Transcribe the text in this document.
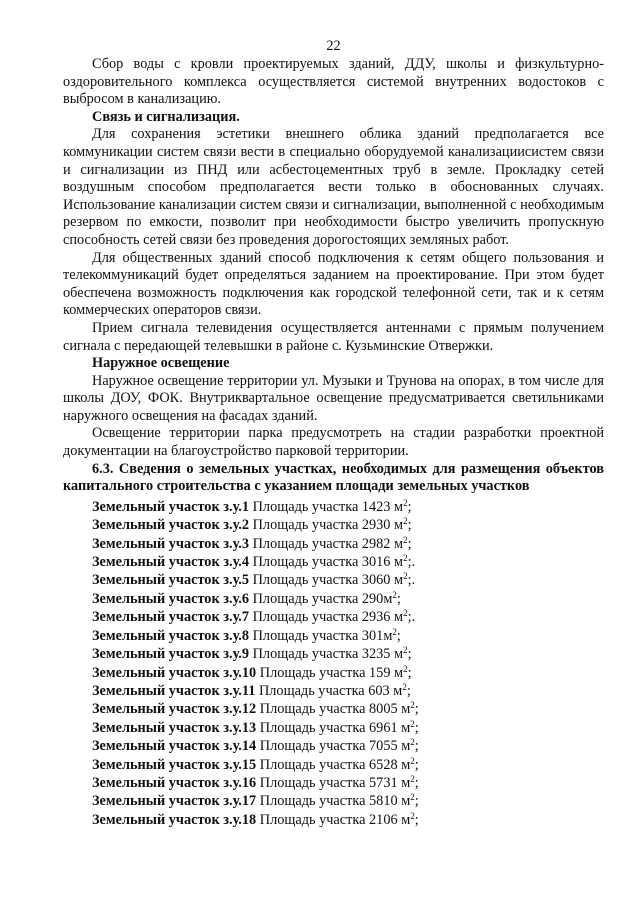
22

Сбор воды с кровли проектируемых зданий, ДДУ, школы и физкультурно-оздоровительного комплекса осуществляется системой внутренних водостоков с выбросом в канализацию.

Связь и сигнализация.

Для сохранения эстетики внешнего облика зданий предполагается все коммуникации систем связи вести в специально оборудуемой канализациисистем связи и сигнализации из ПНД или асбестоцементных труб в земле. Прокладку сетей воздушным способом предполагается вести только в обоснованных случаях. Использование канализации систем связи и сигнализации, выполненной с необходимым резервом по емкости, позволит при необходимости быстро увеличить пропускную способность сетей связи без проведения дорогостоящих земляных работ.

Для общественных зданий способ подключения к сетям общего пользования и телекоммуникаций будет определяться заданием на проектирование. При этом будет обеспечена возможность подключения как городской телефонной сети, так и к сетям коммерческих операторов связи.

Прием сигнала телевидения осуществляется антеннами с прямым получением сигнала с передающей телевышки в районе с. Кузьминские Отвержки.

Наружное освещение

Наружное освещение территории ул. Музыки и Трунова на опорах, в том числе для школы ДОУ, ФОК. Внутриквартальное освещение предусматривается светильниками наружного освещения на фасадах зданий.

Освещение территории парка предусмотреть на стадии разработки проектной документации на благоустройство парковой территории.

6.3. Сведения о земельных участках, необходимых для размещения объектов капитального строительства с указанием площади земельных участков

Земельный участок з.у.1 Площадь участка 1423 $м^2$;
Земельный участок з.у.2 Площадь участка 2930 $м^2$;
Земельный участок з.у.3 Площадь участка 2982 $м^2$;
Земельный участок з.у.4 Площадь участка 3016 $м^2$;.
Земельный участок з.у.5 Площадь участка 3060 $м^2$;.
Земельный участок з.у.6 Площадь участка $290м^2$;
Земельный участок з.у.7 Площадь участка 2936 $м^2$;.
Земельный участок з.у.8 Площадь участка $301м^2$;
Земельный участок з.у.9 Площадь участка 3235 $м^2$;
Земельный участок з.у.10 Площадь участка 159 $м^2$;
Земельный участок з.у.11 Площадь участка 603 $м^2$;
Земельный участок з.у.12 Площадь участка 8005 $м^2$;
Земельный участок з.у.13 Площадь участка 6961 $м^2$;
Земельный участок з.у.14 Площадь участка 7055 $м^2$;
Земельный участок з.у.15 Площадь участка 6528 $м^2$;
Земельный участок з.у.16 Площадь участка 5731 $м^2$;
Земельный участок з.у.17 Площадь участка 5810 $м^2$;
Земельный участок з.у.18 Площадь участка 2106 $м^2$;
